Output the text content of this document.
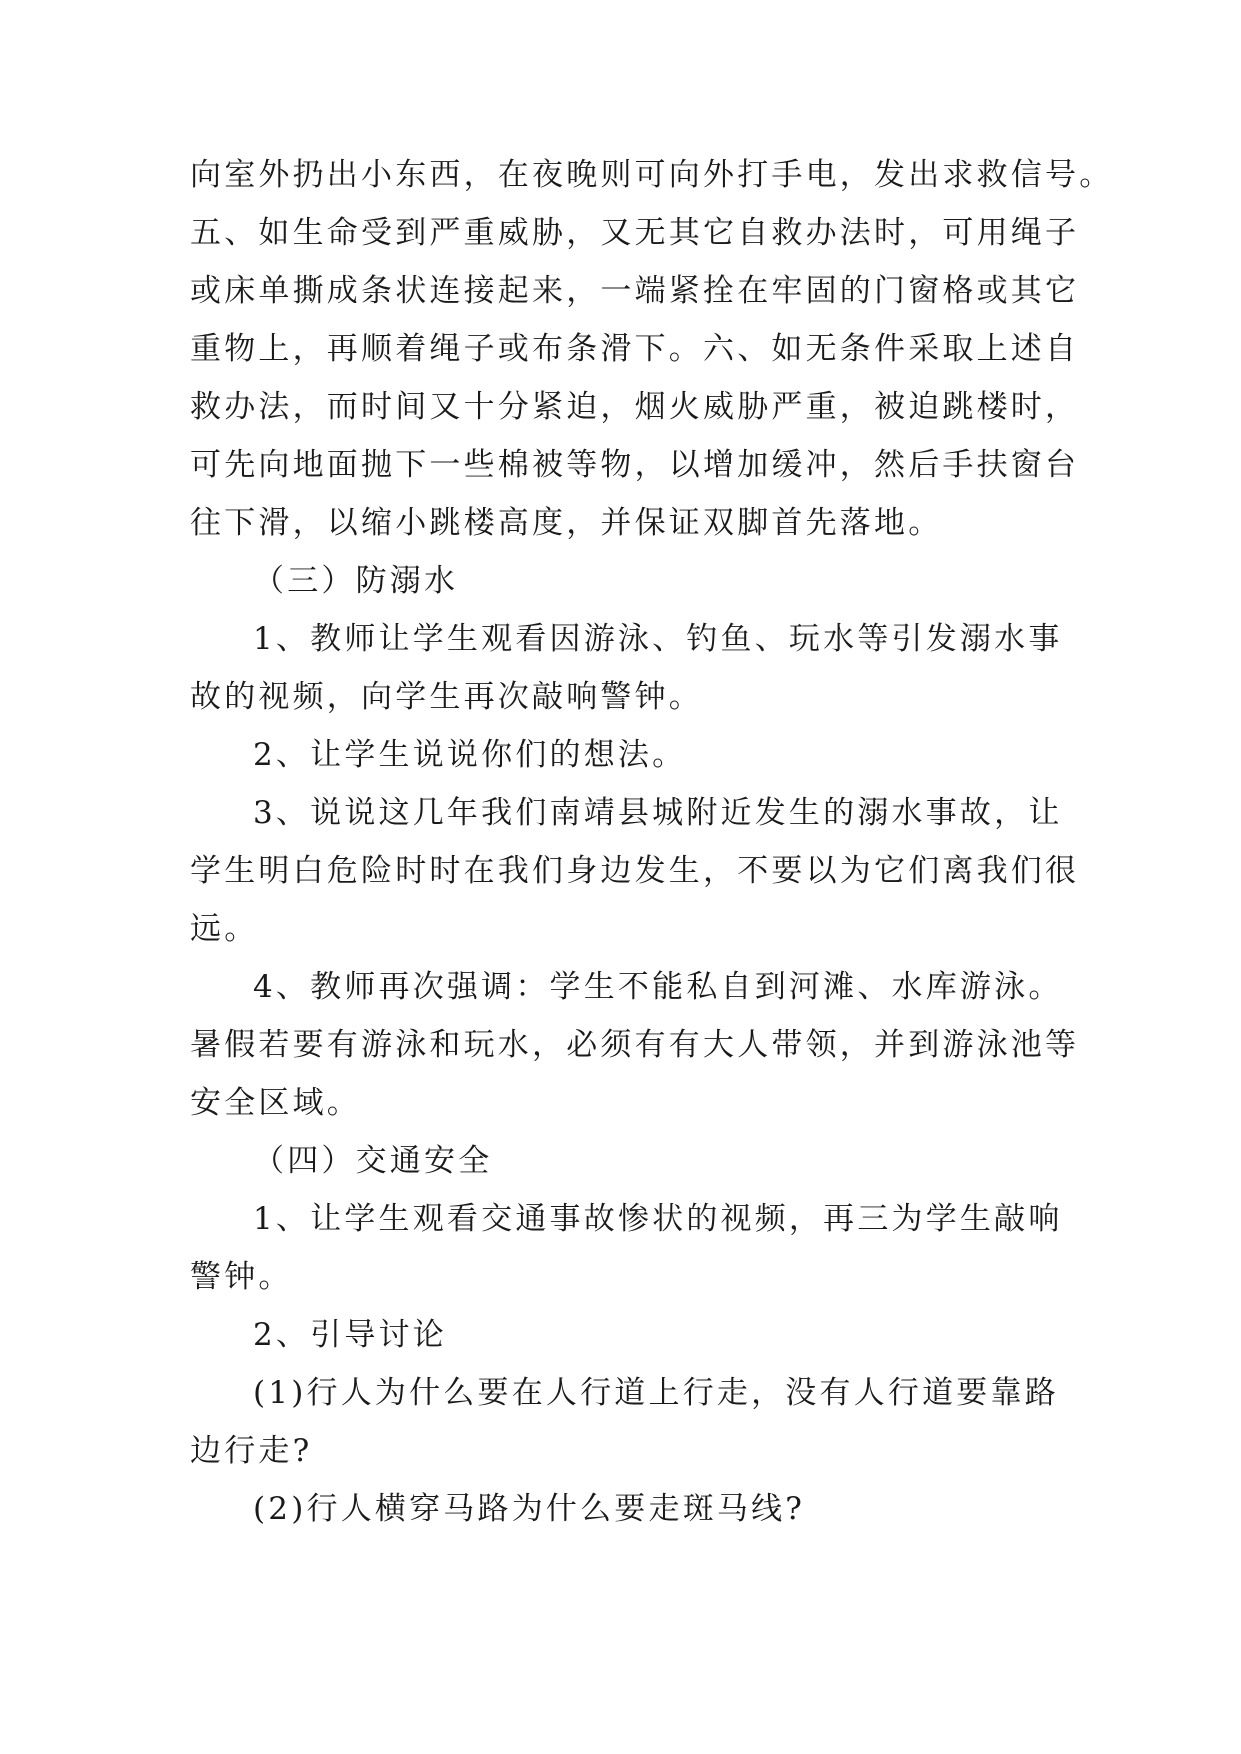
向室外扔出小东西，在夜晚则可向外打手电，发出求救信号。
五、如生命受到严重威胁，又无其它自救办法时，可用绳子
或床单撕成条状连接起来，一端紧拴在牢固的门窗格或其它
重物上，再顺着绳子或布条滑下。六、如无条件采取上述自
救办法，而时间又十分紧迫，烟火威胁严重，被迫跳楼时，
可先向地面抛下一些棉被等物，以增加缓冲，然后手扶窗台
往下滑，以缩小跳楼高度，并保证双脚首先落地。
（三）防溺水
1、教师让学生观看因游泳、钓鱼、玩水等引发溺水事
故的视频，向学生再次敲响警钟。
2、让学生说说你们的想法。
3、说说这几年我们南靖县城附近发生的溺水事故，让
学生明白危险时时在我们身边发生，不要以为它们离我们很
远。
4、教师再次强调：学生不能私自到河滩、水库游泳。
暑假若要有游泳和玩水，必须有有大人带领，并到游泳池等
安全区域。
（四）交通安全
1、让学生观看交通事故惨状的视频，再三为学生敲响
警钟。
2、引导讨论
(1)行人为什么要在人行道上行走，没有人行道要靠路
边行走?
(2)行人横穿马路为什么要走斑马线?
